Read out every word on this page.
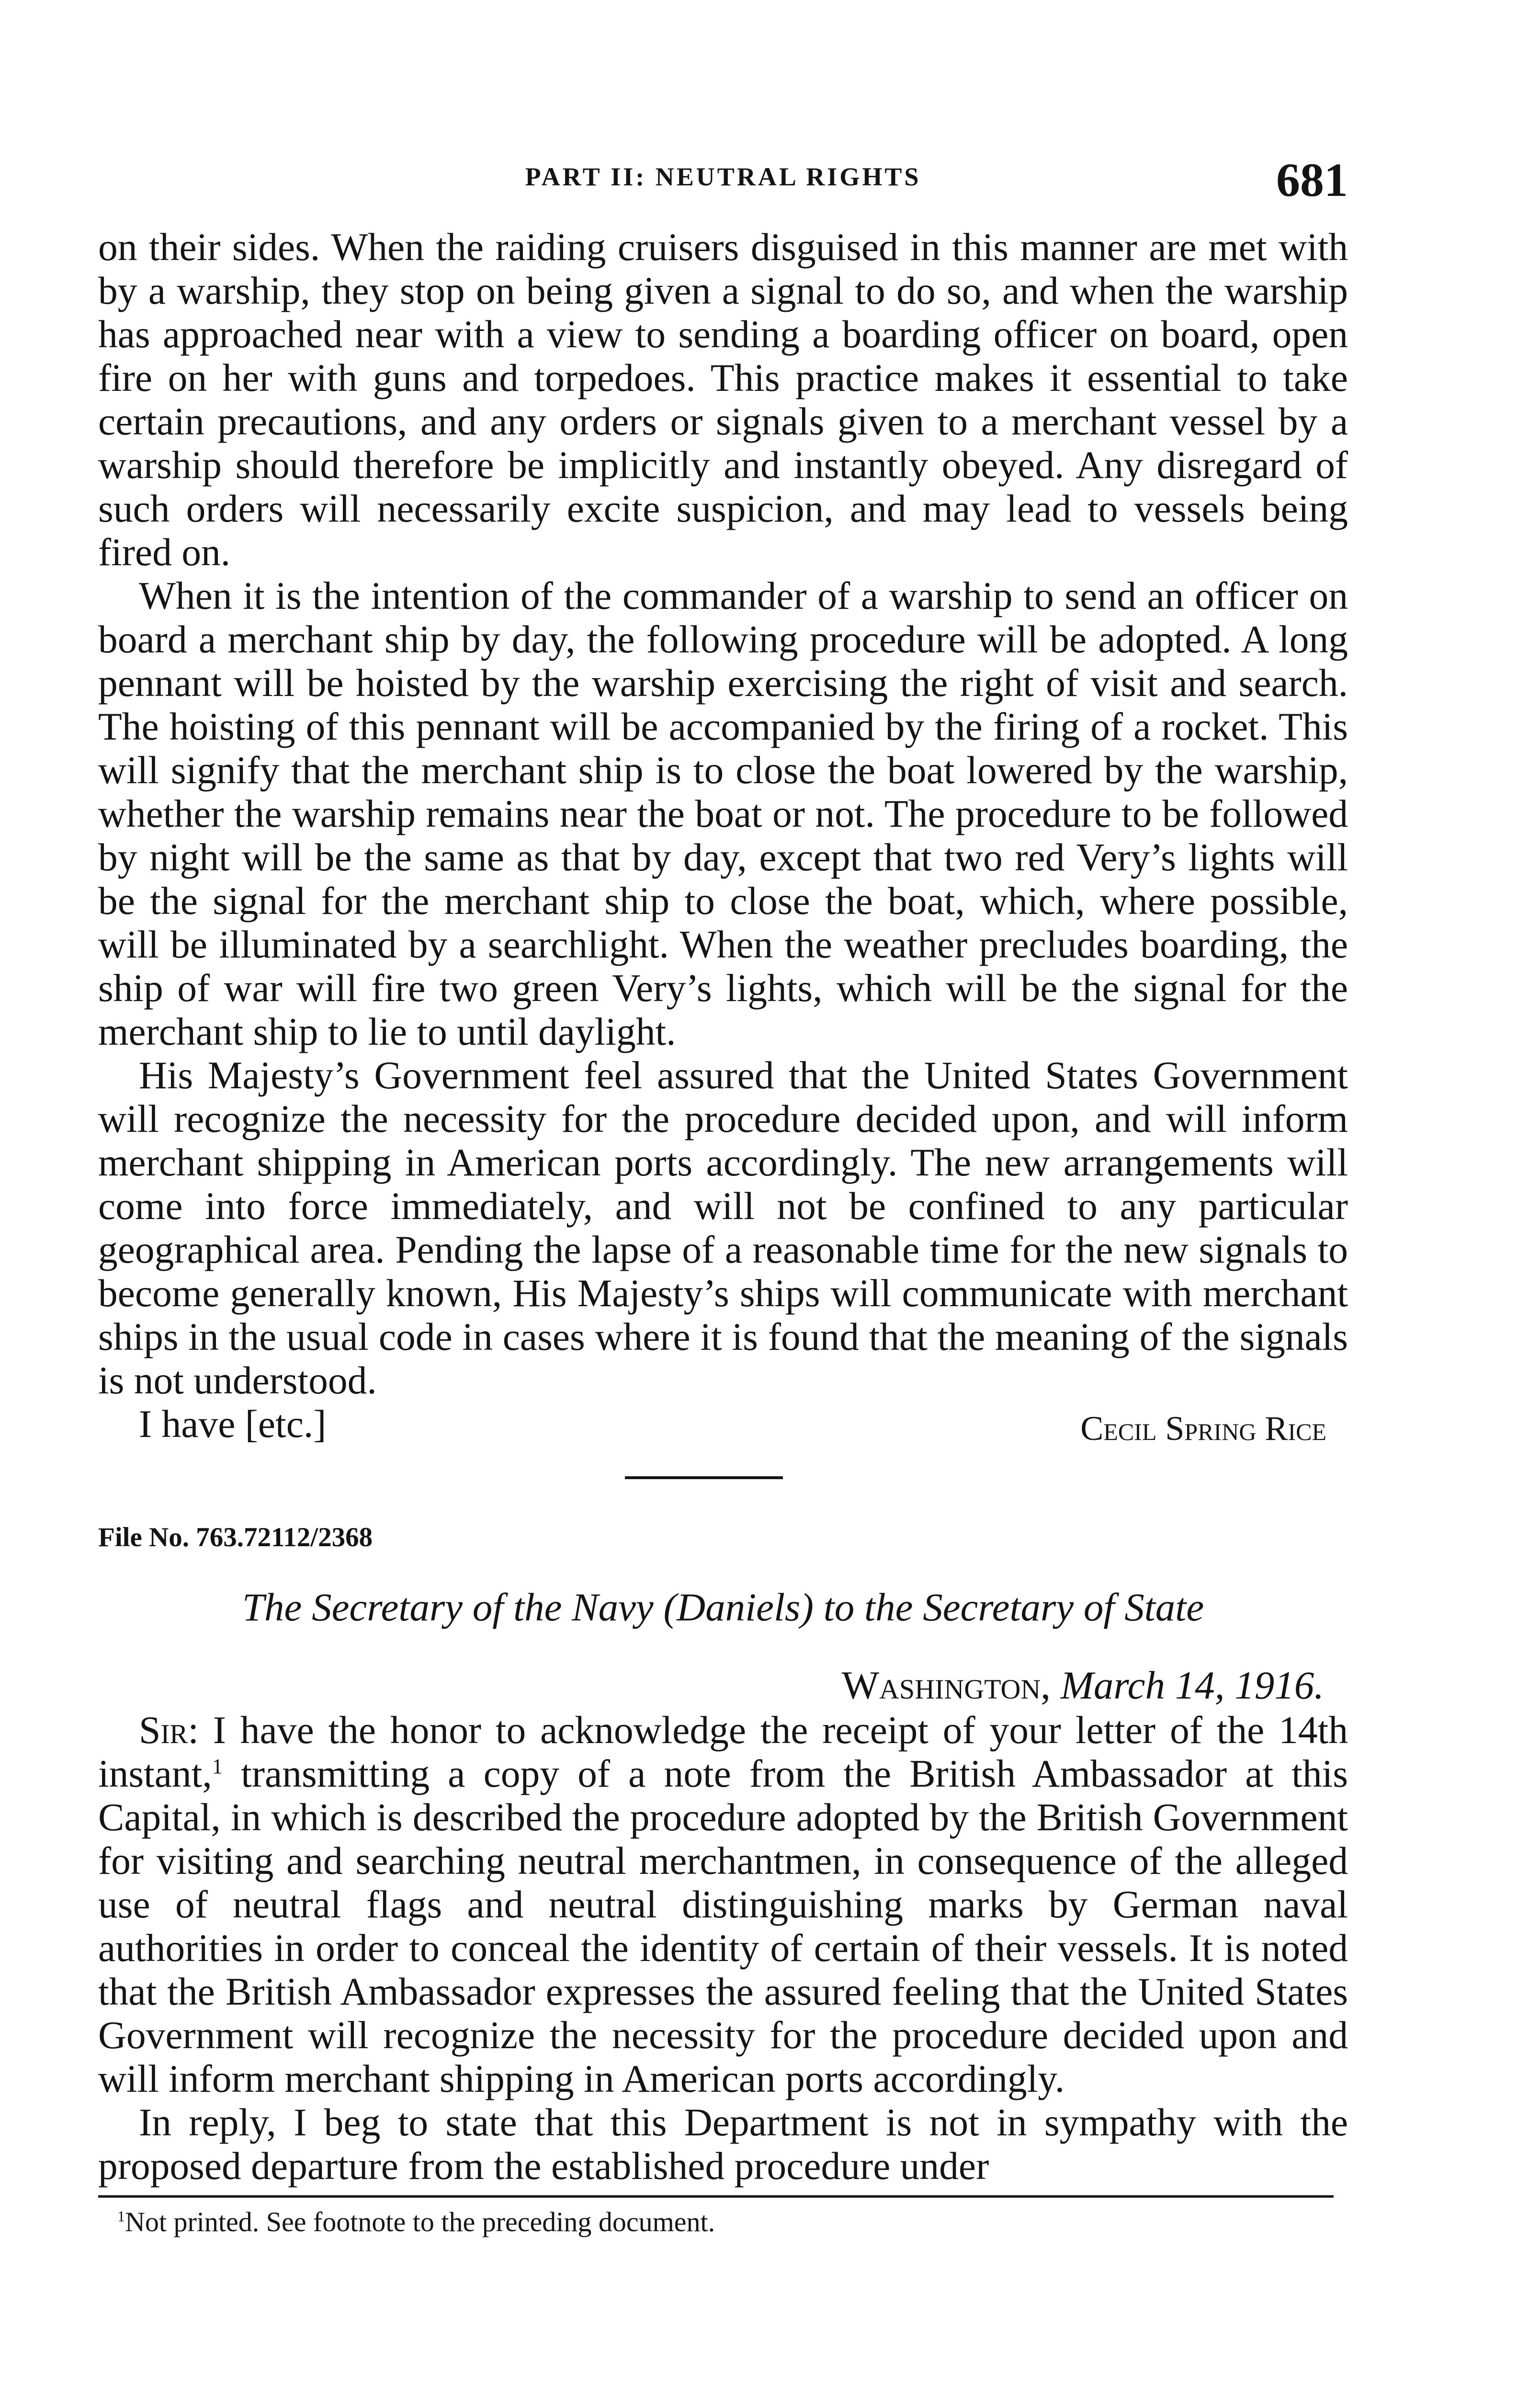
PART II: NEUTRAL RIGHTS	681

on their sides. When the raiding cruisers disguised in this manner are met with by a warship, they stop on being given a signal to do so, and when the warship has approached near with a view to sending a boarding officer on board, open fire on her with guns and torpedoes. This practice makes it essential to take certain precautions, and any orders or signals given to a merchant vessel by a warship should therefore be implicitly and instantly obeyed. Any disregard of such orders will necessarily excite suspicion, and may lead to vessels being fired on.

When it is the intention of the commander of a warship to send an officer on board a merchant ship by day, the following procedure will be adopted. A long pennant will be hoisted by the warship exercising the right of visit and search. The hoisting of this pennant will be accompanied by the firing of a rocket. This will signify that the merchant ship is to close the boat lowered by the warship, whether the warship remains near the boat or not. The procedure to be followed by night will be the same as that by day, except that two red Very’s lights will be the signal for the merchant ship to close the boat, which, where possible, will be illuminated by a searchlight. When the weather precludes boarding, the ship of war will fire two green Very’s lights, which will be the signal for the merchant ship to lie to until daylight.

His Majesty’s Government feel assured that the United States Government will recognize the necessity for the procedure decided upon, and will inform merchant shipping in American ports accordingly. The new arrangements will come into force immediately, and will not be confined to any particular geographical area. Pending the lapse of a reasonable time for the new signals to become generally known, His Majesty’s ships will communicate with merchant ships in the usual code in cases where it is found that the meaning of the signals is not understood.

I have [etc.]	Cecil Spring Rice
File No. 763.72112/2368
The Secretary of the Navy (Daniels) to the Secretary of State
Washington, March 14, 1916.

Sir: I have the honor to acknowledge the receipt of your letter of the 14th instant,$^1$ transmitting a copy of a note from the British Ambassador at this Capital, in which is described the procedure adopted by the British Government for visiting and searching neutral merchantmen, in consequence of the alleged use of neutral flags and neutral distinguishing marks by German naval authorities in order to conceal the identity of certain of their vessels. It is noted that the British Ambassador expresses the assured feeling that the United States Government will recognize the necessity for the procedure decided upon and will inform merchant shipping in American ports accordingly.

In reply, I beg to state that this Department is not in sympathy with the proposed departure from the established procedure under

$^1$Not printed. See footnote to the preceding document.
